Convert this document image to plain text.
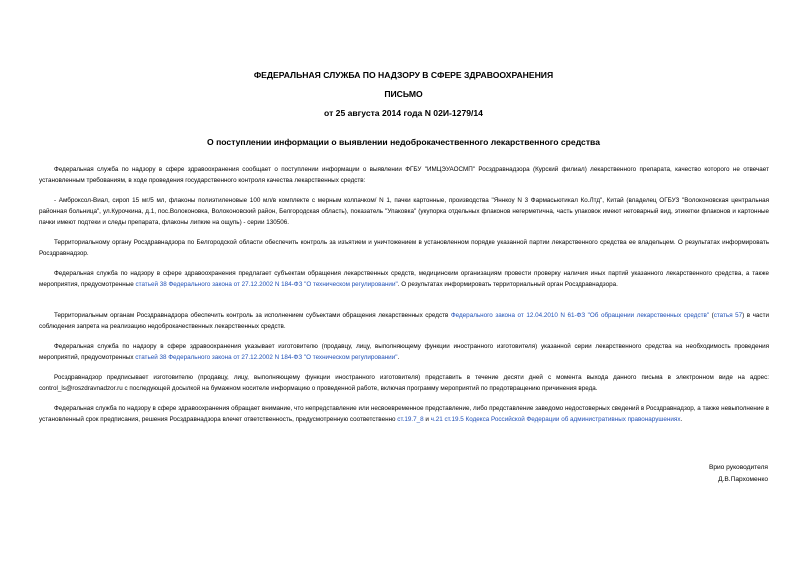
ФЕДЕРАЛЬНАЯ СЛУЖБА ПО НАДЗОРУ В СФЕРЕ ЗДРАВООХРАНЕНИЯ
ПИСЬМО
от 25 августа 2014 года N 02И-1279/14
О поступлении информации о выявлении недоброкачественного лекарственного средства
Федеральная служба по надзору в сфере здравоохранения сообщает о поступлении информации о выявлении ФГБУ "ИМЦЭУАОСМП" Росздравнадзора (Курский филиал) лекарственного препарата, качество которого не отвечает установленным требованиям, в ходе проведения государственного контроля качества лекарственных средств:
- Амброксол-Виал, сироп 15 мг/5 мл, флаконы полиэтиленовые 100 мл/в комплекте с мерным колпачком/ N 1, пачки картонные, производства "Яннкоу N 3 Фармасьютикал Ко.Лтд", Китай (владелец ОГБУЗ "Волоконовская центральная районная больница", ул.Курочкина, д.1, пос.Волоконовка, Волоконовский район, Белгородская область), показатель "Упаковка" (укупорка отдельных флаконов негерметична, часть упаковок имеют нетоварный вид, этикетки флаконов и картонные пачки имеют подтеки и следы препарата, флаконы липкие на ощупь) - серии 130506.
Территориальному органу Росздравнадзора по Белгородской области обеспечить контроль за изъятием и уничтожением в установленном порядке указанной партии лекарственного средства ее владельцем. О результатах информировать Росздравнадзор.
Федеральная служба по надзору в сфере здравоохранения предлагает субъектам обращения лекарственных средств, медицинским организациям провести проверку наличия иных партий указанного лекарственного средства, а также мероприятия, предусмотренные статьей 38 Федерального закона от 27.12.2002 N 184-ФЗ "О техническом регулировании". О результатах информировать территориальный орган Росздравнадзора.
Территориальным органам Росздравнадзора обеспечить контроль за исполнением субъектами обращения лекарственных средств Федерального закона от 12.04.2010 N 61-ФЗ "Об обращении лекарственных средств" (статья 57) в части соблюдения запрета на реализацию недоброкачественных лекарственных средств.
Федеральная служба по надзору в сфере здравоохранения указывает изготовителю (продавцу, лицу, выполняющему функции иностранного изготовителя) указанной серии лекарственного средства на необходимость проведения мероприятий, предусмотренных статьей 38 Федерального закона от 27.12.2002 N 184-ФЗ "О техническом регулировании".
Росздравнадзор предписывает изготовителю (продавцу, лицу, выполняющему функции иностранного изготовителя) представить в течение десяти дней с момента выхода данного письма в электронном виде на адрес: control_ls@roszdravnadzor.ru с последующей досылкой на бумажном носителе информацию о проведенной работе, включая программу мероприятий по предотвращению причинения вреда.
Федеральная служба по надзору в сфере здравоохранения обращает внимание, что непредставление или несвоевременное представление, либо представление заведомо недостоверных сведений в Росздравнадзор, а также невыполнение в установленный срок предписания, решения Росздравнадзора влечет ответственность, предусмотренную соответственно ст.19.7_8 и ч.21 ст.19.5 Кодекса Российской Федерации об административных правонарушениях.
Врио руководителя
Д.В.Пархоменко
